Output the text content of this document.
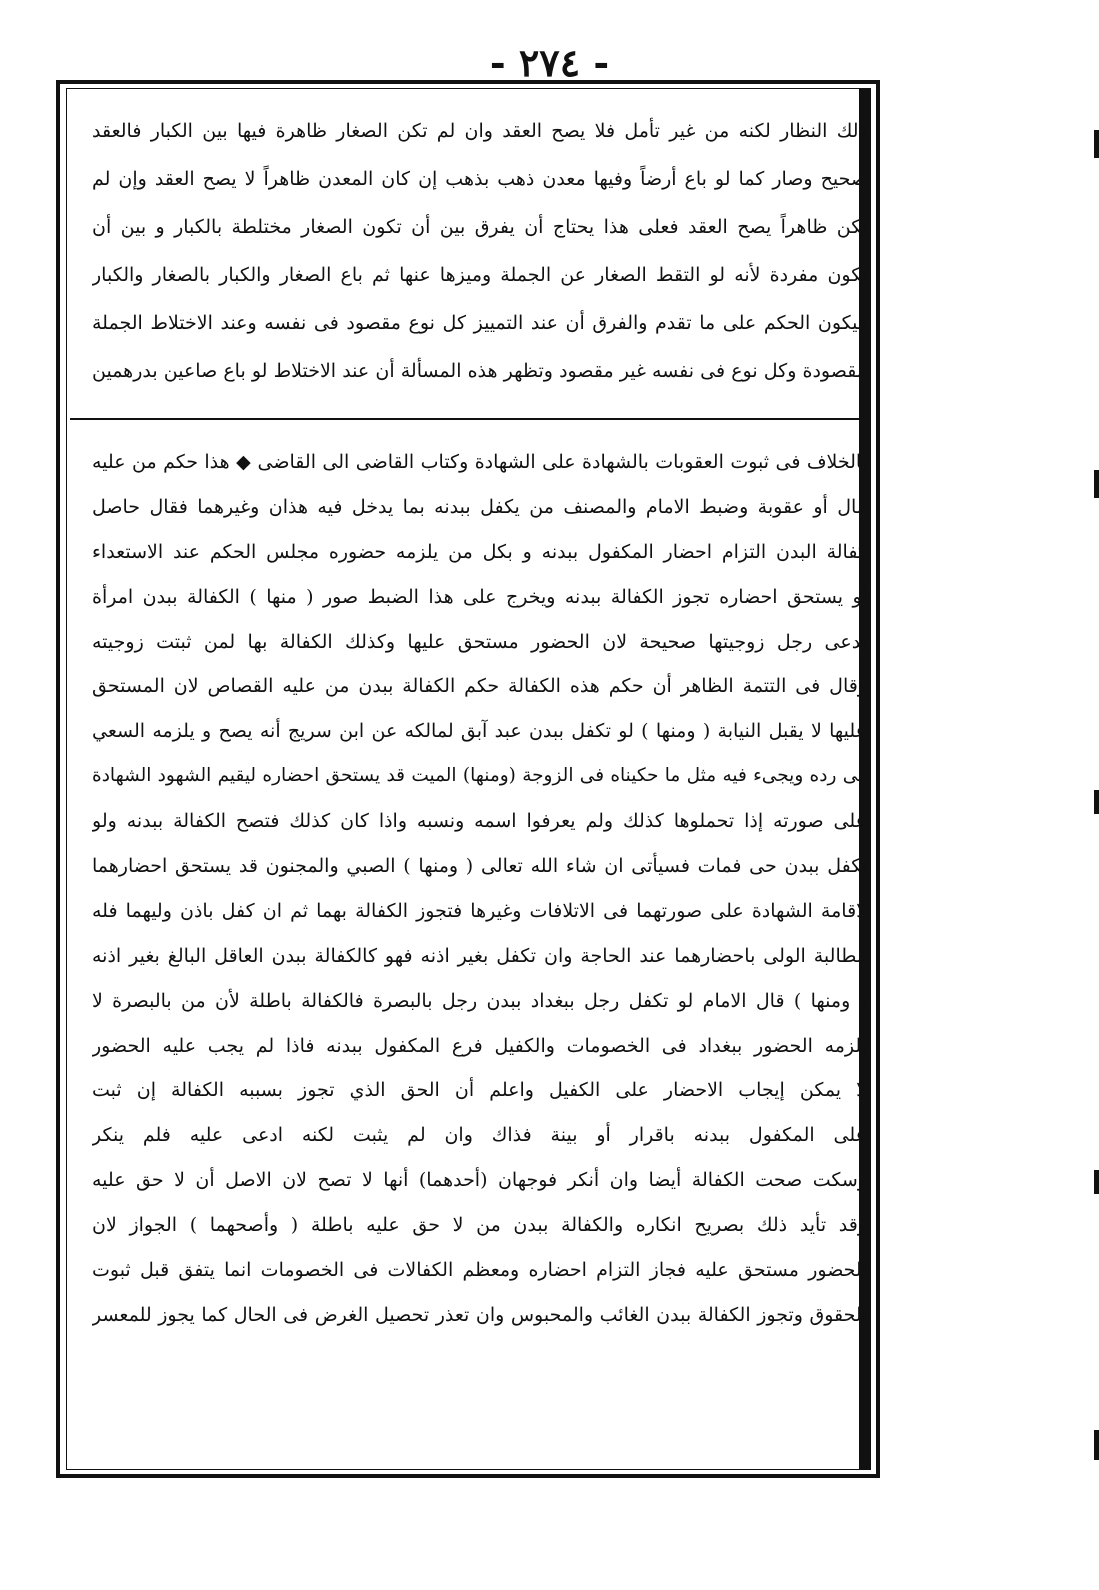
- ٢٧٤ -

ذلك النظار لكنه من غير تأمل فلا يصح العقد وان لم تكن الصغار ظاهرة فيها بين الكبار فالعقد

صحيح وصار كما لو باع أرضاً وفيها معدن ذهب بذهب إن كان المعدن ظاهراً لا يصح العقد وإن لم

يكن ظاهراً يصح العقد فعلى هذا يحتاج أن يفرق بين أن تكون الصغار مختلطة بالكبار و بين أن

تكون مفردة لأنه لو التقط الصغار عن الجملة وميزها عنها ثم باع الصغار والكبار بالصغار والكبار

فيكون الحكم على ما تقدم والفرق أن عند التمييز كل نوع مقصود فى نفسه وعند الاختلاط الجملة

مقصودة وكل نوع فى نفسه غير مقصود وتظهر هذه المسألة أن عند الاختلاط لو باع صاعين بدرهمين

بالخلاف فى ثبوت العقوبات بالشهادة على الشهادة وكتاب القاضى الى القاضى ◆ هذا حكم من عليه

مال أو عقوبة وضبط الامام والمصنف من يكفل ببدنه بما يدخل فيه هذان وغيرهما فقال حاصل

كفالة البدن التزام احضار المكفول ببدنه و بكل من يلزمه حضوره مجلس الحكم عند الاستعداء

أو يستحق احضاره تجوز الكفالة ببدنه ويخرج على هذا الضبط صور ( منها ) الكفالة ببدن امرأة

يدعى رجل زوجيتها صحيحة لان الحضور مستحق عليها وكذلك الكفالة بها لمن ثبتت زوجيته

وقال فى التتمة الظاهر أن حكم هذه الكفالة حكم الكفالة ببدن من عليه القصاص لان المستحق

عليها لا يقبل النيابة ( ومنها ) لو تكفل ببدن عبد آبق لمالكه عن ابن سريج أنه يصح و يلزمه السعي

فى رده ويجىء فيه مثل ما حكيناه فى الزوجة (ومنها) الميت قد يستحق احضاره ليقيم الشهود الشهادة

على صورته إذا تحملوها كذلك ولم يعرفوا اسمه ونسبه واذا كان كذلك فتصح الكفالة ببدنه ولو

تكفل ببدن حى فمات فسيأتى ان شاء الله تعالى ( ومنها ) الصبي والمجنون قد يستحق احضارهما

لاقامة الشهادة على صورتهما فى الاتلافات وغيرها فتجوز الكفالة بهما ثم ان كفل باذن وليهما فله

مطالبة الولى باحضارهما عند الحاجة وان تكفل بغير اذنه فهو كالكفالة ببدن العاقل البالغ بغير اذنه

( ومنها ) قال الامام لو تكفل رجل ببغداد ببدن رجل بالبصرة فالكفالة باطلة لأن من بالبصرة لا

يلزمه الحضور ببغداد فى الخصومات والكفيل فرع المكفول ببدنه فاذا لم يجب عليه الحضور

لا يمكن إيجاب الاحضار على الكفيل واعلم أن الحق الذي تجوز بسببه الكفالة إن ثبت

على المكفول ببدنه باقرار أو بينة فذاك وان لم يثبت لكنه ادعى عليه فلم ينكر

وسكت صحت الكفالة أيضا وان أنكر فوجهان (أحدهما) أنها لا تصح لان الاصل أن لا حق عليه

وقد تأيد ذلك بصريح انكاره والكفالة ببدن من لا حق عليه باطلة ( وأصحهما ) الجواز لان

الحضور مستحق عليه فجاز التزام احضاره ومعظم الكفالات فى الخصومات انما يتفق قبل ثبوت

الحقوق وتجوز الكفالة ببدن الغائب والمحبوس وان تعذر تحصيل الغرض فى الحال كما يجوز للمعسر
